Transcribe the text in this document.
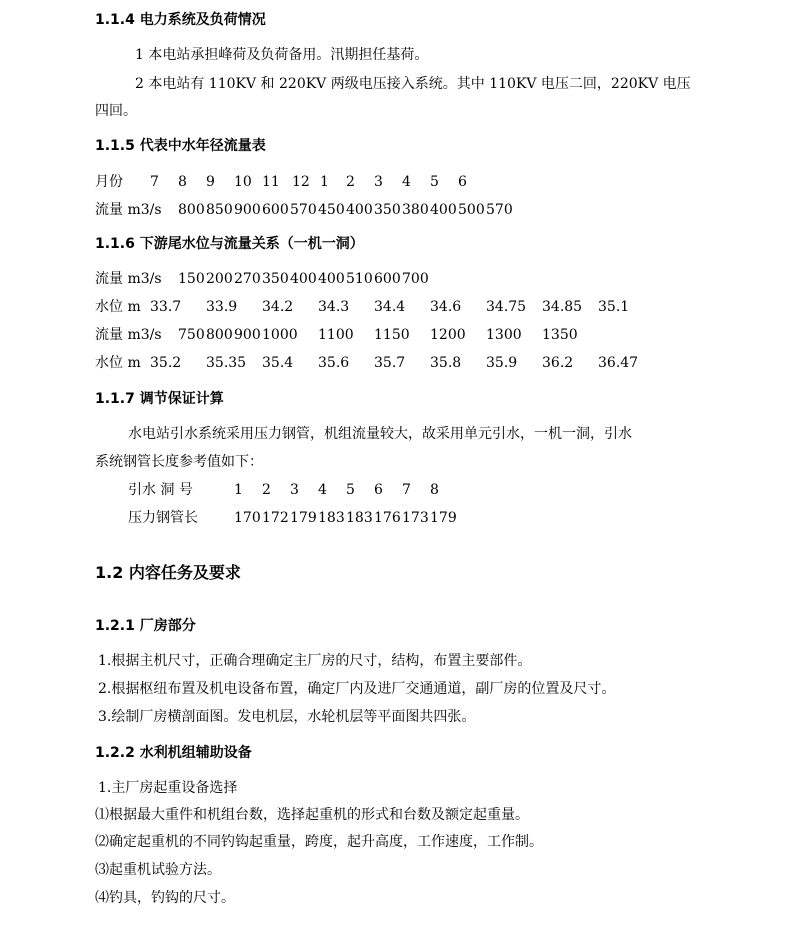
1.1.4 电力系统及负荷情况
1 本电站承担峰荷及负荷备用。汛期担任基荷。
2 本电站有 110KV 和 220KV 两级电压接入系统。其中 110KV 电压二回，220KV 电压
四回。
1.1.5 代表中水年径流量表
月份 7 8 9 10 11 12 1 2 3 4 5 6
流量 m3/s 800 850 900 600 570 450 400 350 380 400 500 570
1.1.6 下游尾水位与流量关系（一机一洞）
流量 m3/s 150 200 270 350 400 400 510 600 700
水位 m 33.7 33.9 34.2 34.3 34.4 34.6 34.75 34.85 35.1
流量 m3/s 750 800 900 1000 1100 1150 1200 1300 1350
水位 m 35.2 35.35 35.4 35.6 35.7 35.8 35.9 36.2 36.47
1.1.7 调节保证计算
水电站引水系统采用压力钢管，机组流量较大，故采用单元引水，一机一洞，引水
系统钢管长度参考值如下：
引水 洞 号	1 2 3 4 5 6 7 8
压力钢管长	170 172 179 183 183 176 173 179
1.2 内容任务及要求
1.2.1 厂房部分
1.根据主机尺寸，正确合理确定主厂房的尺寸，结构，布置主要部件。
2.根据枢纽布置及机电设备布置，确定厂内及进厂交通通道，副厂房的位置及尺寸。
3.绘制厂房横剖面图。发电机层，水轮机层等平面图共四张。
1.2.2 水利机组辅助设备
1.主厂房起重设备选择
⑴根据最大重件和机组台数，选择起重机的形式和台数及额定起重量。
⑵确定起重机的不同钓钩起重量，跨度，起升高度，工作速度，工作制。
⑶起重机试验方法。
⑷钓具，钓钩的尺寸。
